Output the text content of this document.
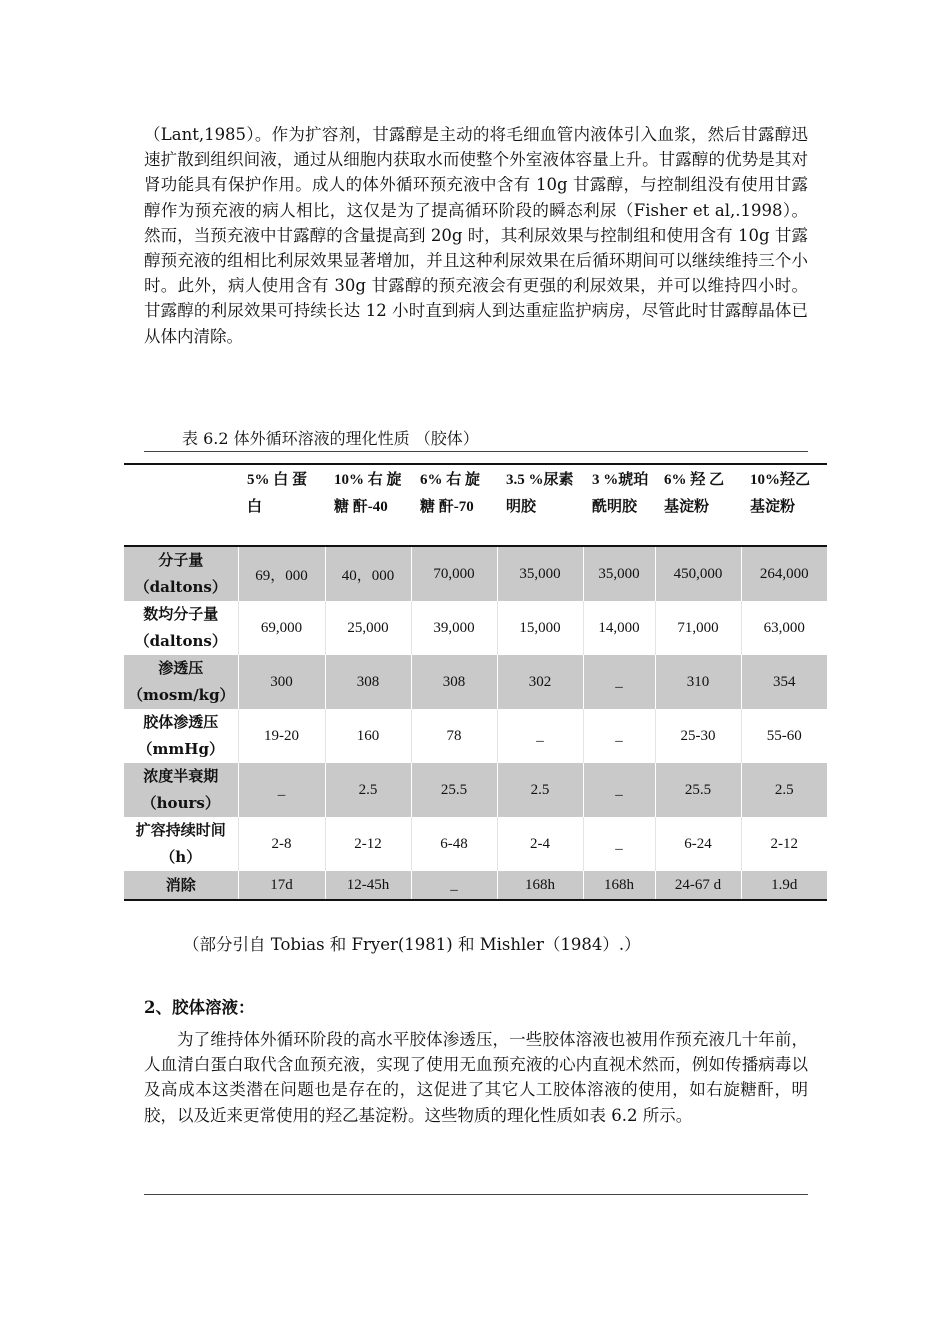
（Lant,1985）。作为扩容剂，甘露醇是主动的将毛细血管内液体引入血浆，然后甘露醇迅速扩散到组织间液，通过从细胞内获取水而使整个外室液体容量上升。甘露醇的优势是其对肾功能具有保护作用。成人的体外循环预充液中含有 10g 甘露醇，与控制组没有使用甘露醇作为预充液的病人相比，这仅是为了提高循环阶段的瞬态利尿（Fisher et al,.1998）。然而，当预充液中甘露醇的含量提高到 20g 时，其利尿效果与控制组和使用含有 10g 甘露醇预充液的组相比利尿效果显著增加，并且这种利尿效果在后循环期间可以继续维持三个小时。此外，病人使用含有 30g 甘露醇的预充液会有更强的利尿效果，并可以维持四小时。甘露醇的利尿效果可持续长达 12 小时直到病人到达重症监护病房，尽管此时甘露醇晶体已从体内清除。

表 6.2 体外循环溶液的理化性质 （胶体）
	5% 白 蛋白	10% 右 旋 糖 酐-40	6% 右 旋 糖 酐-70	3.5 %尿素明胶	3 %琥珀酰明胶	6% 羟 乙基淀粉	10%羟乙基淀粉
分子量（daltons）	69，000	40，000	70,000	35,000	35,000	450,000	264,000
数均分子量（daltons）	69,000	25,000	39,000	15,000	14,000	71,000	63,000
渗透压（mosm/kg）	300	308	308	302	_	310	354
胶体渗透压（mmHg）	19-20	160	78	_	_	25-30	55-60
浓度半衰期（hours）	_	2.5	25.5	2.5	_	25.5	2.5
扩容持续时间（h）	2-8	2-12	6-48	2-4	_	6-24	2-12
消除	17d	12-45h	_	168h	168h	24-67 d	1.9d
（部分引自 Tobias 和 Fryer(1981) 和 Mishler（1984）.）
2、胶体溶液：

为了维持体外循环阶段的高水平胶体渗透压，一些胶体溶液也被用作预充液几十年前，人血清白蛋白取代含血预充液，实现了使用无血预充液的心内直视术然而，例如传播病毒以及高成本这类潜在问题也是存在的，这促进了其它人工胶体溶液的使用，如右旋糖酐，明胶，以及近来更常使用的羟乙基淀粉。这些物质的理化性质如表 6.2 所示。
